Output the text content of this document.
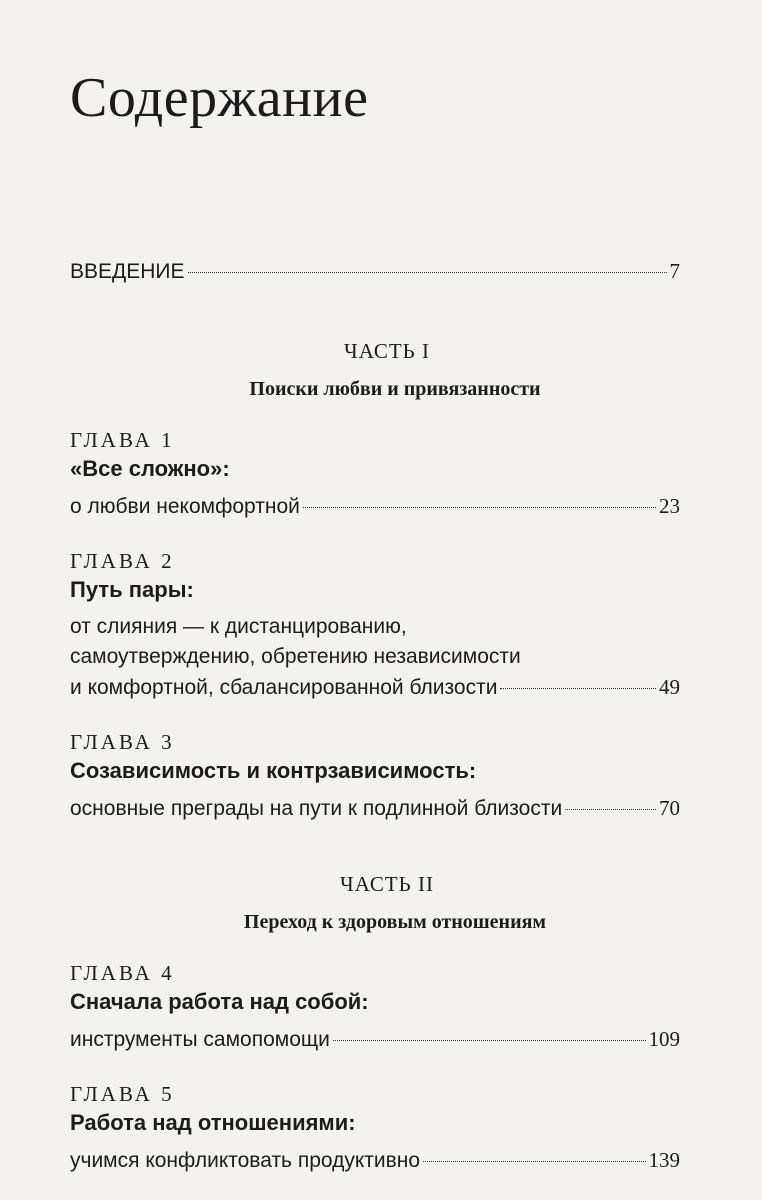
Содержание
ВВЕДЕНИЕ	7
ЧАСТЬ I
Поиски любви и привязанности
ГЛАВА 1
«Все сложно»:
о любви некомфортной	23
ГЛАВА 2
Путь пары:
от слияния — к дистанцированию,
самоутверждению, обретению независимости
и комфортной, сбалансированной близости	49
ГЛАВА 3
Созависимость и контрзависимость:
основные преграды на пути к подлинной близости	70
ЧАСТЬ II
Переход к здоровым отношениям
ГЛАВА 4
Сначала работа над собой:
инструменты самопомощи	109
ГЛАВА 5
Работа над отношениями:
учимся конфликтовать продуктивно	139
